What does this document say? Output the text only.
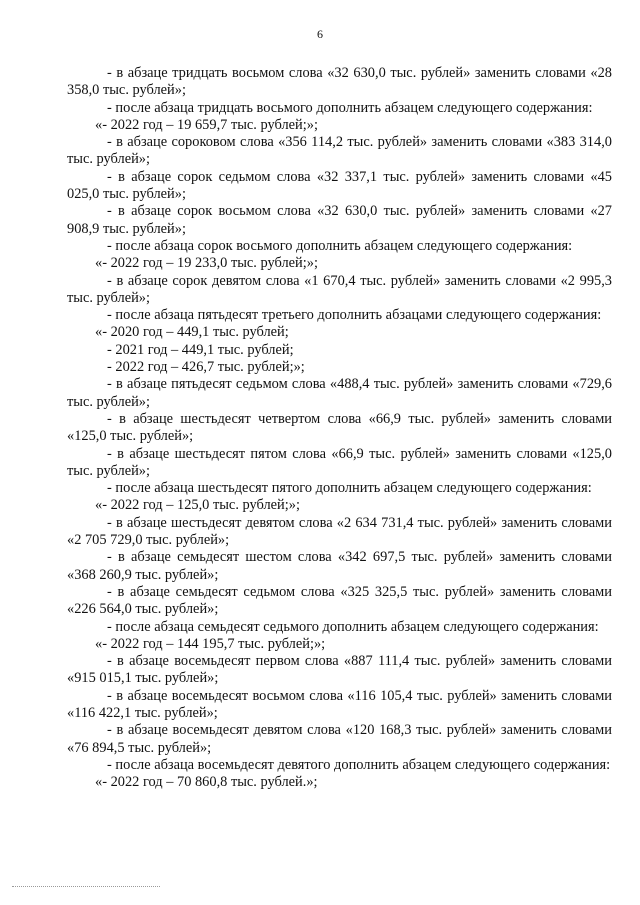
6

- в абзаце тридцать восьмом слова «32 630,0 тыс. рублей» заменить словами «28 358,0 тыс. рублей»;

- после абзаца тридцать восьмого дополнить абзацем следующего содержания:

«- 2022 год – 19 659,7 тыс. рублей;»;

- в абзаце сороковом слова «356 114,2 тыс. рублей» заменить словами «383 314,0 тыс. рублей»;

- в абзаце сорок седьмом слова «32 337,1 тыс. рублей» заменить словами «45 025,0 тыс. рублей»;

- в абзаце сорок восьмом слова «32 630,0 тыс. рублей» заменить словами «27 908,9 тыс. рублей»;

- после абзаца сорок восьмого дополнить абзацем следующего содержания:

«- 2022 год – 19 233,0 тыс. рублей;»;

- в абзаце сорок девятом слова «1 670,4 тыс. рублей» заменить словами «2 995,3 тыс. рублей»;

- после абзаца пятьдесят третьего дополнить абзацами следующего содержания:

«- 2020 год – 449,1 тыс. рублей;

- 2021 год – 449,1 тыс. рублей;

- 2022 год – 426,7 тыс. рублей;»;

- в абзаце пятьдесят седьмом слова «488,4 тыс. рублей» заменить словами «729,6 тыс. рублей»;

- в абзаце шестьдесят четвертом слова «66,9 тыс. рублей» заменить словами «125,0 тыс. рублей»;

- в абзаце шестьдесят пятом слова «66,9 тыс. рублей» заменить словами «125,0 тыс. рублей»;

- после абзаца шестьдесят пятого дополнить абзацем следующего содержания:

«- 2022 год – 125,0 тыс. рублей;»;

- в абзаце шестьдесят девятом слова «2 634 731,4 тыс. рублей» заменить словами «2 705 729,0 тыс. рублей»;

- в абзаце семьдесят шестом слова «342 697,5 тыс. рублей» заменить словами «368 260,9 тыс. рублей»;

- в абзаце семьдесят седьмом слова «325 325,5 тыс. рублей» заменить словами «226 564,0 тыс. рублей»;

- после абзаца семьдесят седьмого дополнить абзацем следующего содержания:

«- 2022 год – 144 195,7 тыс. рублей;»;

- в абзаце восемьдесят первом слова «887 111,4 тыс. рублей» заменить словами «915 015,1 тыс. рублей»;

- в абзаце восемьдесят восьмом слова «116 105,4 тыс. рублей» заменить словами «116 422,1 тыс. рублей»;

- в абзаце восемьдесят девятом слова «120 168,3 тыс. рублей» заменить словами «76 894,5 тыс. рублей»;

- после абзаца восемьдесят девятого дополнить абзацем следующего содержания:

«- 2022 год – 70 860,8 тыс. рублей.»;
